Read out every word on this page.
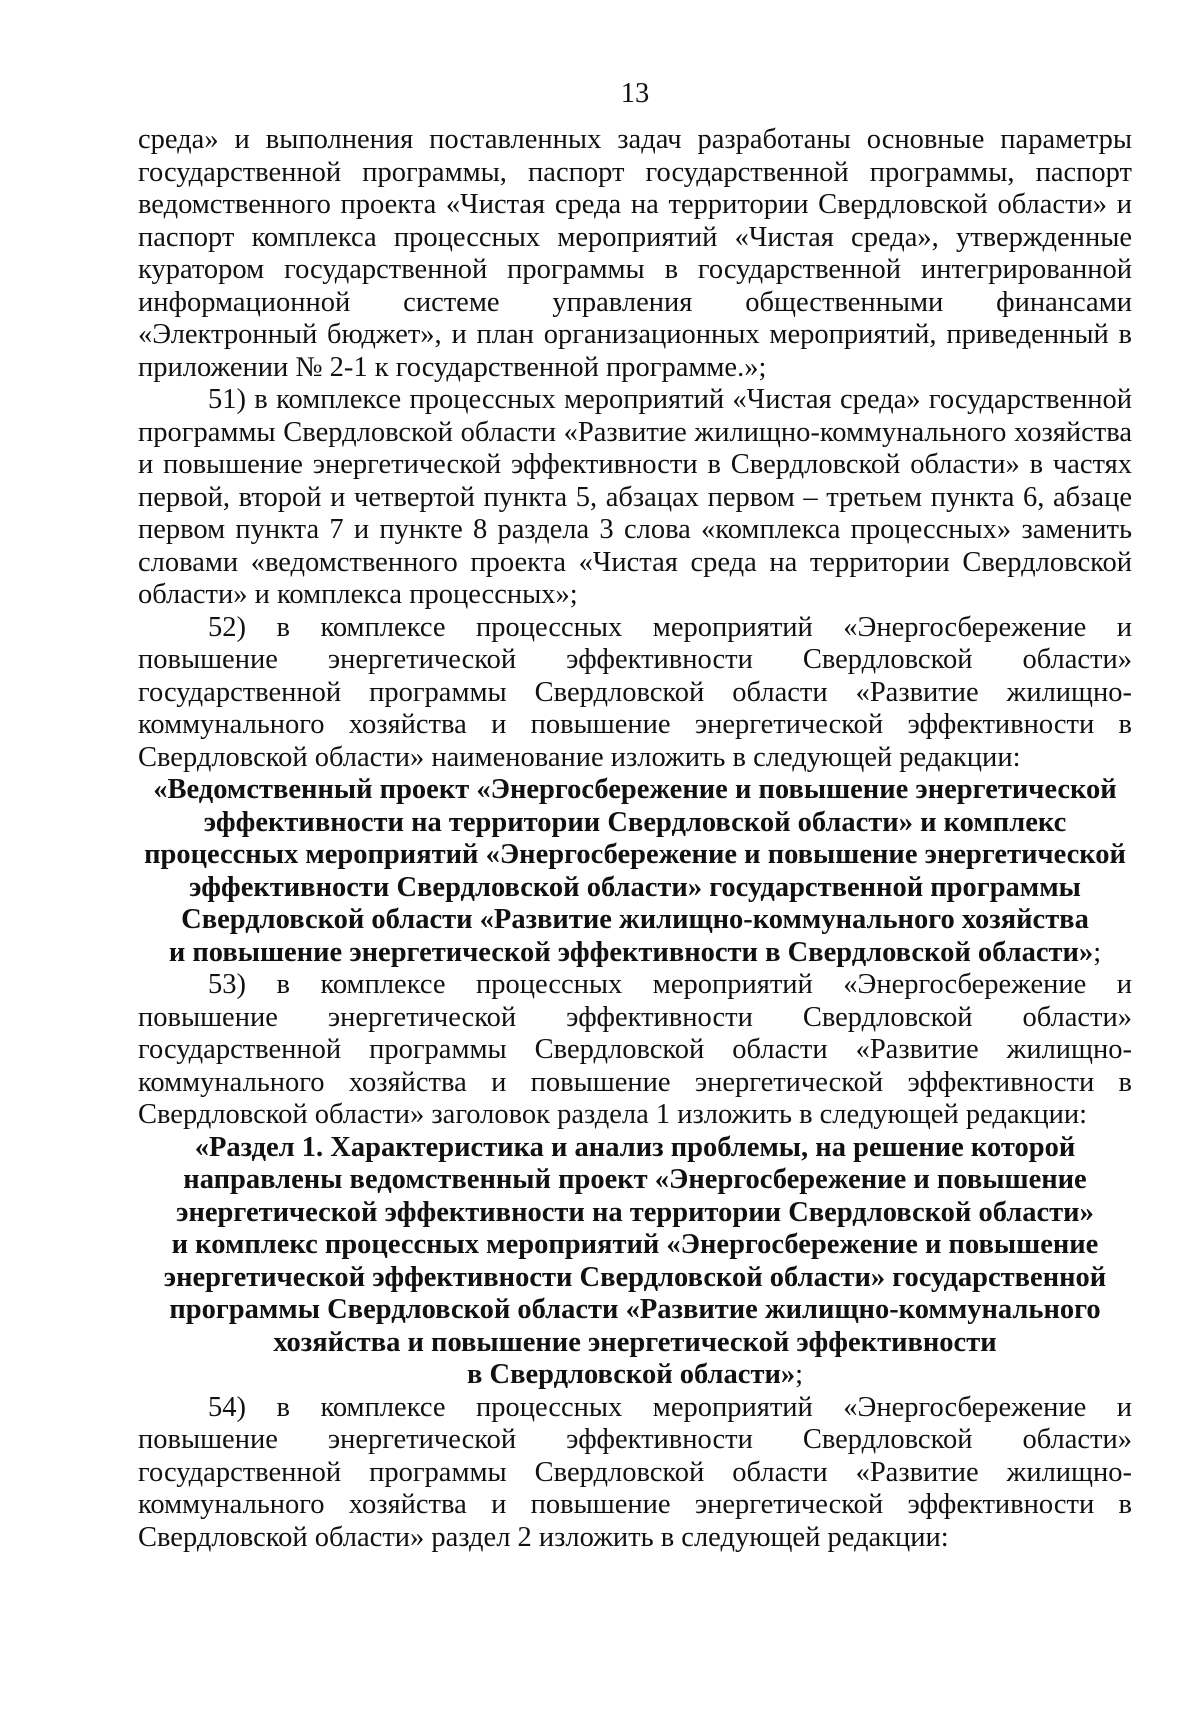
13

среда» и выполнения поставленных задач разработаны основные параметры государственной программы, паспорт государственной программы, паспорт ведомственного проекта «Чистая среда на территории Свердловской области» и паспорт комплекса процессных мероприятий «Чистая среда», утвержденные куратором государственной программы в государственной интегрированной информационной системе управления общественными финансами «Электронный бюджет», и план организационных мероприятий, приведенный в приложении № 2-1 к государственной программе.»;

51) в комплексе процессных мероприятий «Чистая среда» государственной программы Свердловской области «Развитие жилищно-коммунального хозяйства и повышение энергетической эффективности в Свердловской области» в частях первой, второй и четвертой пункта 5, абзацах первом – третьем пункта 6, абзаце первом пункта 7 и пункте 8 раздела 3 слова «комплекса процессных» заменить словами «ведомственного проекта «Чистая среда на территории Свердловской области» и комплекса процессных»;

52) в комплексе процессных мероприятий «Энергосбережение и повышение энергетической эффективности Свердловской области» государственной программы Свердловской области «Развитие жилищно-коммунального хозяйства и повышение энергетической эффективности в Свердловской области» наименование изложить в следующей редакции:

«Ведомственный проект «Энергосбережение и повышение энергетической
эффективности на территории Свердловской области» и комплекс
процессных мероприятий «Энергосбережение и повышение энергетической
эффективности Свердловской области» государственной программы
Свердловской области «Развитие жилищно-коммунального хозяйства
и повышение энергетической эффективности в Свердловской области»;

53) в комплексе процессных мероприятий «Энергосбережение и повышение энергетической эффективности Свердловской области» государственной программы Свердловской области «Развитие жилищно-коммунального хозяйства и повышение энергетической эффективности в Свердловской области» заголовок раздела 1 изложить в следующей редакции:

«Раздел 1. Характеристика и анализ проблемы, на решение которой
направлены ведомственный проект «Энергосбережение и повышение
энергетической эффективности на территории Свердловской области»
и комплекс процессных мероприятий «Энергосбережение и повышение
энергетической эффективности Свердловской области» государственной
программы Свердловской области «Развитие жилищно-коммунального
хозяйства и повышение энергетической эффективности
в Свердловской области»;

54) в комплексе процессных мероприятий «Энергосбережение и повышение энергетической эффективности Свердловской области» государственной программы Свердловской области «Развитие жилищно-коммунального хозяйства и повышение энергетической эффективности в Свердловской области» раздел 2 изложить в следующей редакции:
